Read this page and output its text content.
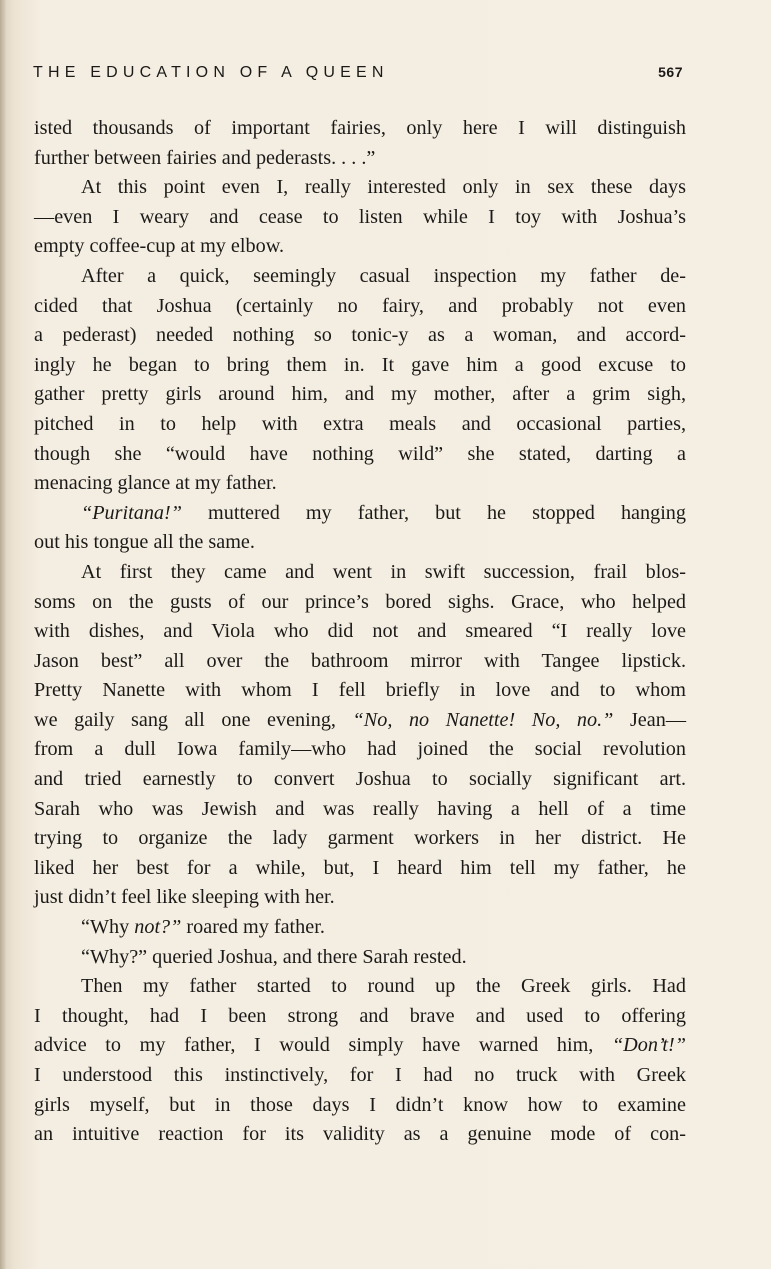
THE EDUCATION OF A QUEEN	567
isted thousands of important fairies, only here I will distinguish
further between fairies and pederasts. . . .”
At this point even I, really interested only in sex these days
—even I weary and cease to listen while I toy with Joshua’s
empty coffee-cup at my elbow.
After a quick, seemingly casual inspection my father de-
cided that Joshua (certainly no fairy, and probably not even
a pederast) needed nothing so tonic-y as a woman, and accord-
ingly he began to bring them in. It gave him a good excuse to
gather pretty girls around him, and my mother, after a grim sigh,
pitched in to help with extra meals and occasional parties,
though she “would have nothing wild” she stated, darting a
menacing glance at my father.
“Puritana!” muttered my father, but he stopped hanging
out his tongue all the same.
At first they came and went in swift succession, frail blos-
soms on the gusts of our prince’s bored sighs. Grace, who helped
with dishes, and Viola who did not and smeared “I really love
Jason best” all over the bathroom mirror with Tangee lipstick.
Pretty Nanette with whom I fell briefly in love and to whom
we gaily sang all one evening, “No, no Nanette! No, no.” Jean—
from a dull Iowa family—who had joined the social revolution
and tried earnestly to convert Joshua to socially significant art.
Sarah who was Jewish and was really having a hell of a time
trying to organize the lady garment workers in her district. He
liked her best for a while, but, I heard him tell my father, he
just didn’t feel like sleeping with her.
“Why not?” roared my father.
“Why?” queried Joshua, and there Sarah rested.
Then my father started to round up the Greek girls. Had
I thought, had I been strong and brave and used to offering
advice to my father, I would simply have warned him, “Don’t!”
I understood this instinctively, for I had no truck with Greek
girls myself, but in those days I didn’t know how to examine
an intuitive reaction for its validity as a genuine mode of con-
